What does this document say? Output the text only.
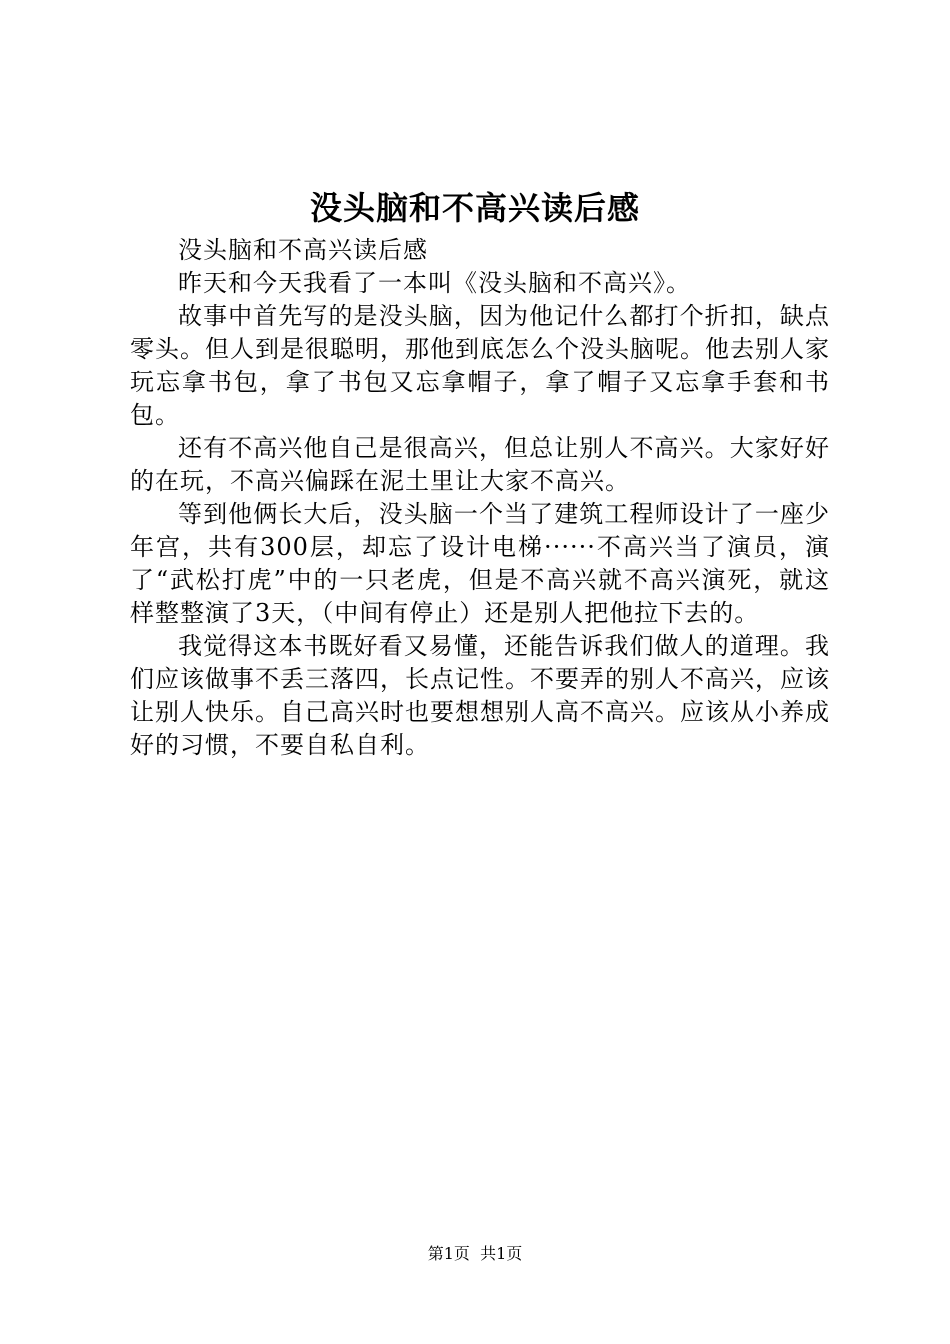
没头脑和不高兴读后感

没头脑和不高兴读后感

昨天和今天我看了一本叫《没头脑和不高兴》。

故事中首先写的是没头脑，因为他记什么都打个折扣，缺点零头。但人到是很聪明，那他到底怎么个没头脑呢。他去别人家玩忘拿书包，拿了书包又忘拿帽子，拿了帽子又忘拿手套和书包。

还有不高兴他自己是很高兴，但总让别人不高兴。大家好好的在玩，不高兴偏踩在泥土里让大家不高兴。

等到他俩长大后，没头脑一个当了建筑工程师设计了一座少年宫，共有300层，却忘了设计电梯······不高兴当了演员，演了“武松打虎”中的一只老虎，但是不高兴就不高兴演死，就这样整整演了3天，（中间有停止）还是别人把他拉下去的。

我觉得这本书既好看又易懂，还能告诉我们做人的道理。我们应该做事不丢三落四，长点记性。不要弄的别人不高兴，应该让别人快乐。自己高兴时也要想想别人高不高兴。应该从小养成好的习惯，不要自私自利。

第1页 共1页
